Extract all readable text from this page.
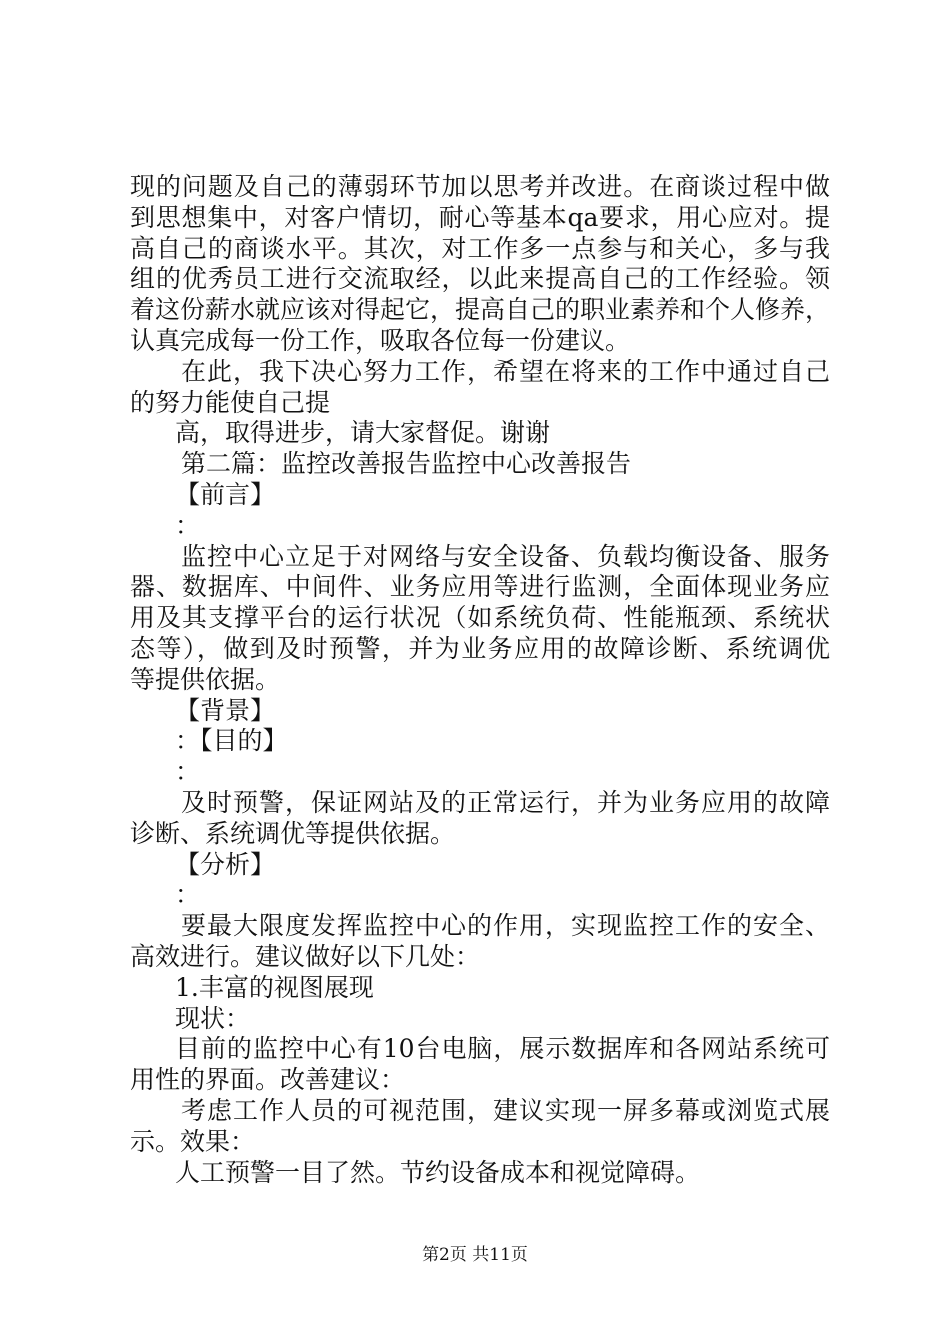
现的问题及自己的薄弱环节加以思考并改进。在商谈过程中做
到思想集中，对客户情切，耐心等基本qa要求，用心应对。提
高自己的商谈水平。其次，对工作多一点参与和关心，多与我
组的优秀员工进行交流取经，以此来提高自己的工作经验。领
着这份薪水就应该对得起它，提高自己的职业素养和个人修养，
认真完成每一份工作，吸取各位每一份建议。
在此，我下决心努力工作，希望在将来的工作中通过自己
的努力能使自己提
高，取得进步，请大家督促。谢谢
第二篇：监控改善报告监控中心改善报告
【前言】
：
监控中心立足于对网络与安全设备、负载均衡设备、服务
器、数据库、中间件、业务应用等进行监测，全面体现业务应
用及其支撑平台的运行状况（如系统负荷、性能瓶颈、系统状
态等），做到及时预警，并为业务应用的故障诊断、系统调优
等提供依据。
【背景】
：【目的】
：
及时预警，保证网站及的正常运行，并为业务应用的故障
诊断、系统调优等提供依据。
【分析】
：
要最大限度发挥监控中心的作用，实现监控工作的安全、
高效进行。建议做好以下几处：
1.丰富的视图展现
现状：
目前的监控中心有10台电脑，展示数据库和各网站系统可
用性的界面。改善建议：
考虑工作人员的可视范围，建议实现一屏多幕或浏览式展
示。效果：
人工预警一目了然。节约设备成本和视觉障碍。
第2页 共11页
